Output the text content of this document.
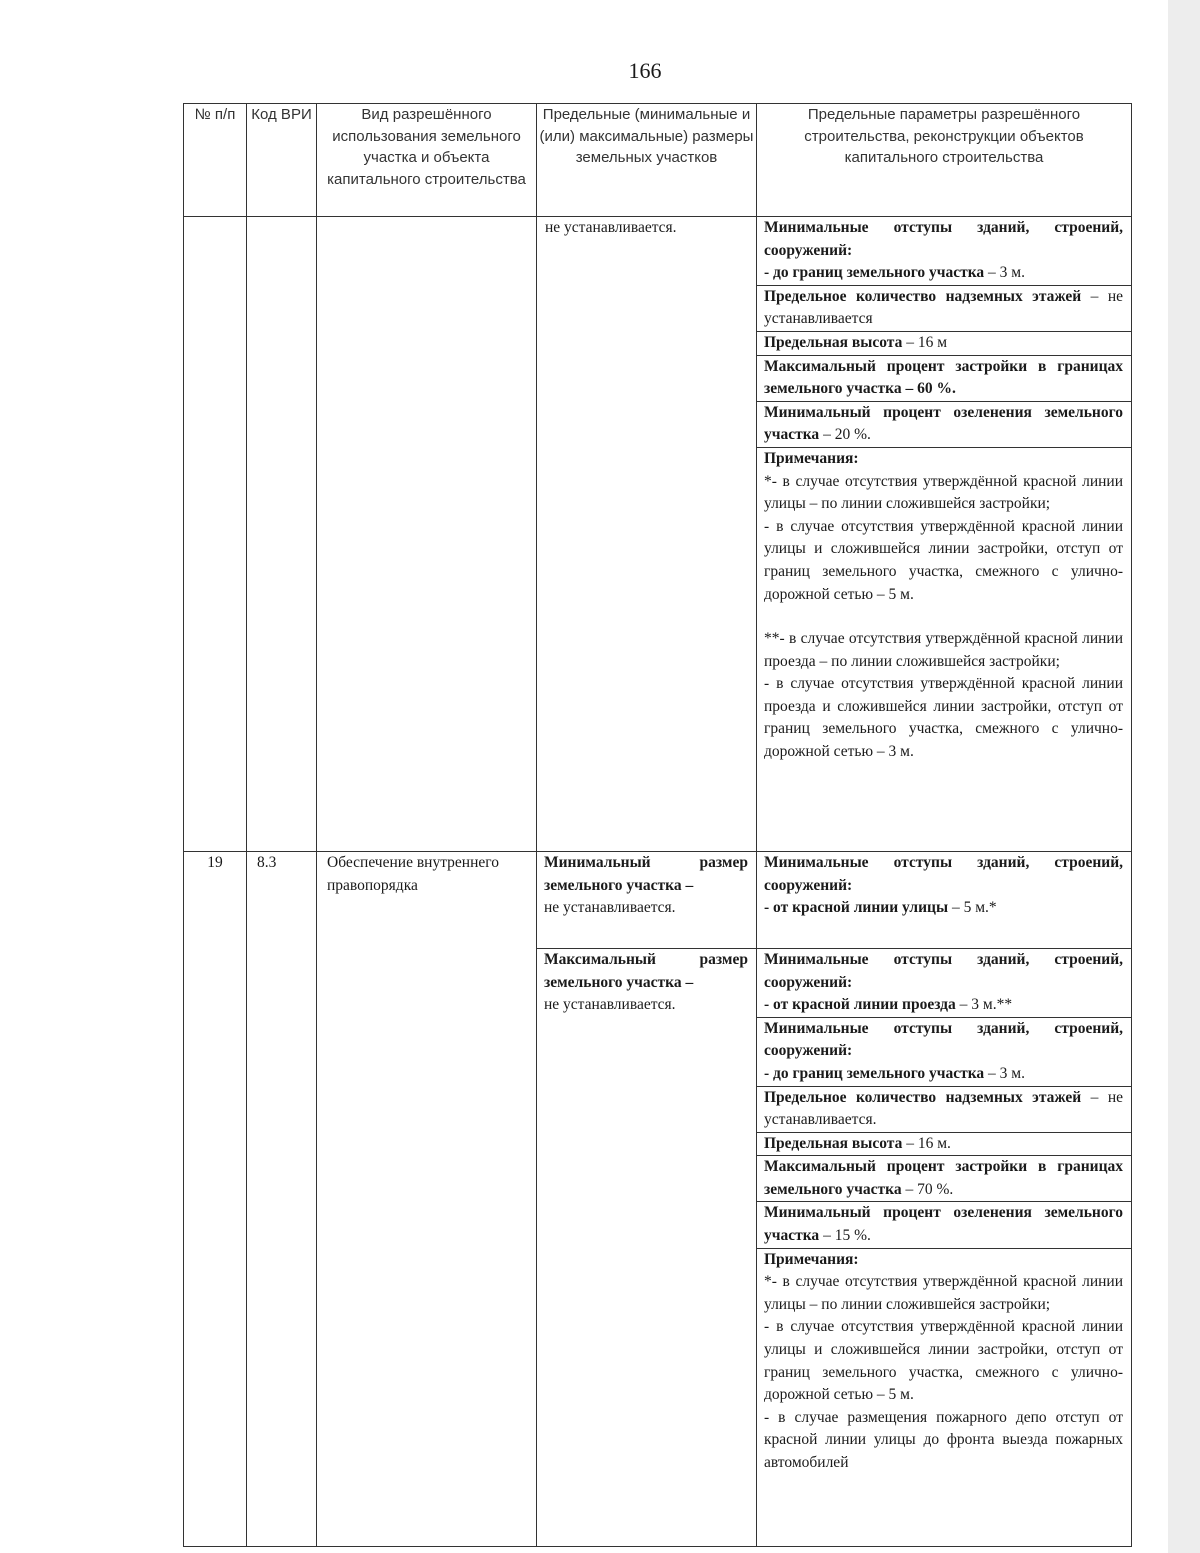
166
№ п/п	Код ВРИ	Вид разрешённого использования земельного участка и объекта капитального строительства	Предельные (минимальные и (или) максимальные) размеры земельных участков	Предельные параметры разрешённого строительства, реконструкции объектов капитального строительства
			не устанавливается.	Минимальные отступы зданий, строений, сооружений:
- до границ земельного участка – 3 м.
				Предельное количество надземных этажей – не устанавливается
				Предельная высота – 16 м
				Максимальный процент застройки в границах земельного участка – 60 %.
				Минимальный процент озеленения земельного участка – 20 %.

				Примечания:

*- в случае отсутствия утверждённой красной линии улицы – по линии сложившейся застройки;

- в случае отсутствия утверждённой красной линии улицы и сложившейся линии застройки, отступ от границ земельного участка, смежного с улично-дорожной сетью – 5 м.

**- в случае отсутствия утверждённой красной линии проезда – по линии сложившейся застройки;

- в случае отсутствия утверждённой красной линии проезда и сложившейся линии застройки, отступ от границ земельного участка, смежного с улично-дорожной сетью – 3 м.

19	8.3	Обеспечение внутреннего правопорядка	Минимальный размер земельного участка –
не устанавливается.	Минимальные отступы зданий, строений, сооружений:
- от красной линии улицы – 5 м.*
			Максимальный размер земельного участка –
не устанавливается.	Минимальные отступы зданий, строений, сооружений:
- от красной линии проезда – 3 м.**
				Минимальные отступы зданий, строений, сооружений:
- до границ земельного участка – 3 м.
				Предельное количество надземных этажей – не устанавливается.
				Предельная высота – 16 м.
				Максимальный процент застройки в границах земельного участка – 70 %.
				Минимальный процент озеленения земельного участка – 15 %.

				Примечания:

*- в случае отсутствия утверждённой красной линии улицы – по линии сложившейся застройки;

- в случае отсутствия утверждённой красной линии улицы и сложившейся линии застройки, отступ от границ земельного участка, смежного с улично-дорожной сетью – 5 м.

- в случае размещения пожарного депо отступ от красной линии улицы до фронта выезда пожарных автомобилей
